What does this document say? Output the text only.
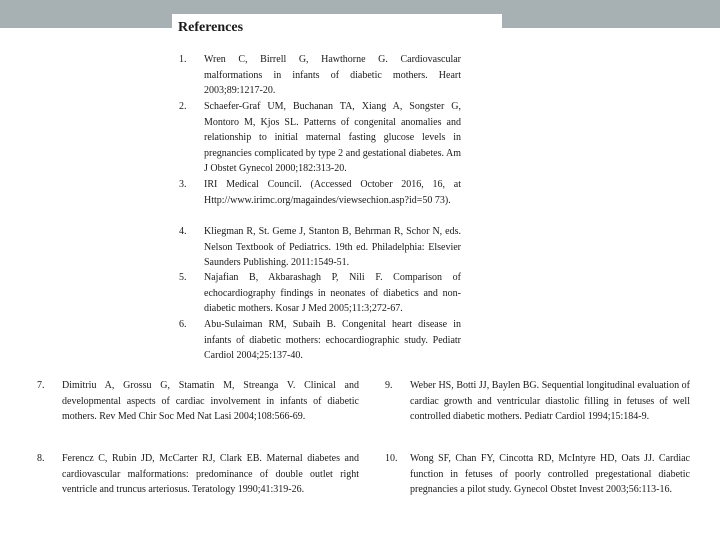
References
1. Wren C, Birrell G, Hawthorne G. Cardiovascular malformations in infants of diabetic mothers. Heart 2003;89:1217-20.
2. Schaefer-Graf UM, Buchanan TA, Xiang A, Songster G, Montoro M, Kjos SL. Patterns of congenital anomalies and relationship to initial maternal fasting glucose levels in pregnancies complicated by type 2 and gestational diabetes. Am J Obstet Gynecol 2000;182:313-20.
3. IRI Medical Council. (Accessed October 2016, 16, at Http://www.irimc.org/magaindes/viewsechion.asp?id=50 73).
4. Kliegman R, St. Geme J, Stanton B, Behrman R, Schor N, eds. Nelson Textbook of Pediatrics. 19th ed. Philadelphia: Elsevier Saunders Publishing. 2011:1549-51.
5. Najafian B, Akbarashagh P, Nili F. Comparison of echocardiography findings in neonates of diabetics and non-diabetic mothers. Kosar J Med 2005;11:3;272-67.
6. Abu-Sulaiman RM, Subaih B. Congenital heart disease in infants of diabetic mothers: echocardiographic study. Pediatr Cardiol 2004;25:137-40.
7. Dimitriu A, Grossu G, Stamatin M, Streanga V. Clinical and developmental aspects of cardiac involvement in infants of diabetic mothers. Rev Med Chir Soc Med Nat Lasi 2004;108:566-69.
8. Ferencz C, Rubin JD, McCarter RJ, Clark EB. Maternal diabetes and cardiovascular malformations: predominance of double outlet right ventricle and truncus arteriosus. Teratology 1990;41:319-26.
9. Weber HS, Botti JJ, Baylen BG. Sequential longitudinal evaluation of cardiac growth and ventricular diastolic filling in fetuses of well controlled diabetic mothers. Pediatr Cardiol 1994;15:184-9.
10. Wong SF, Chan FY, Cincotta RD, McIntyre HD, Oats JJ. Cardiac function in fetuses of poorly controlled pregestational diabetic pregnancies a pilot study. Gynecol Obstet Invest 2003;56:113-16.
